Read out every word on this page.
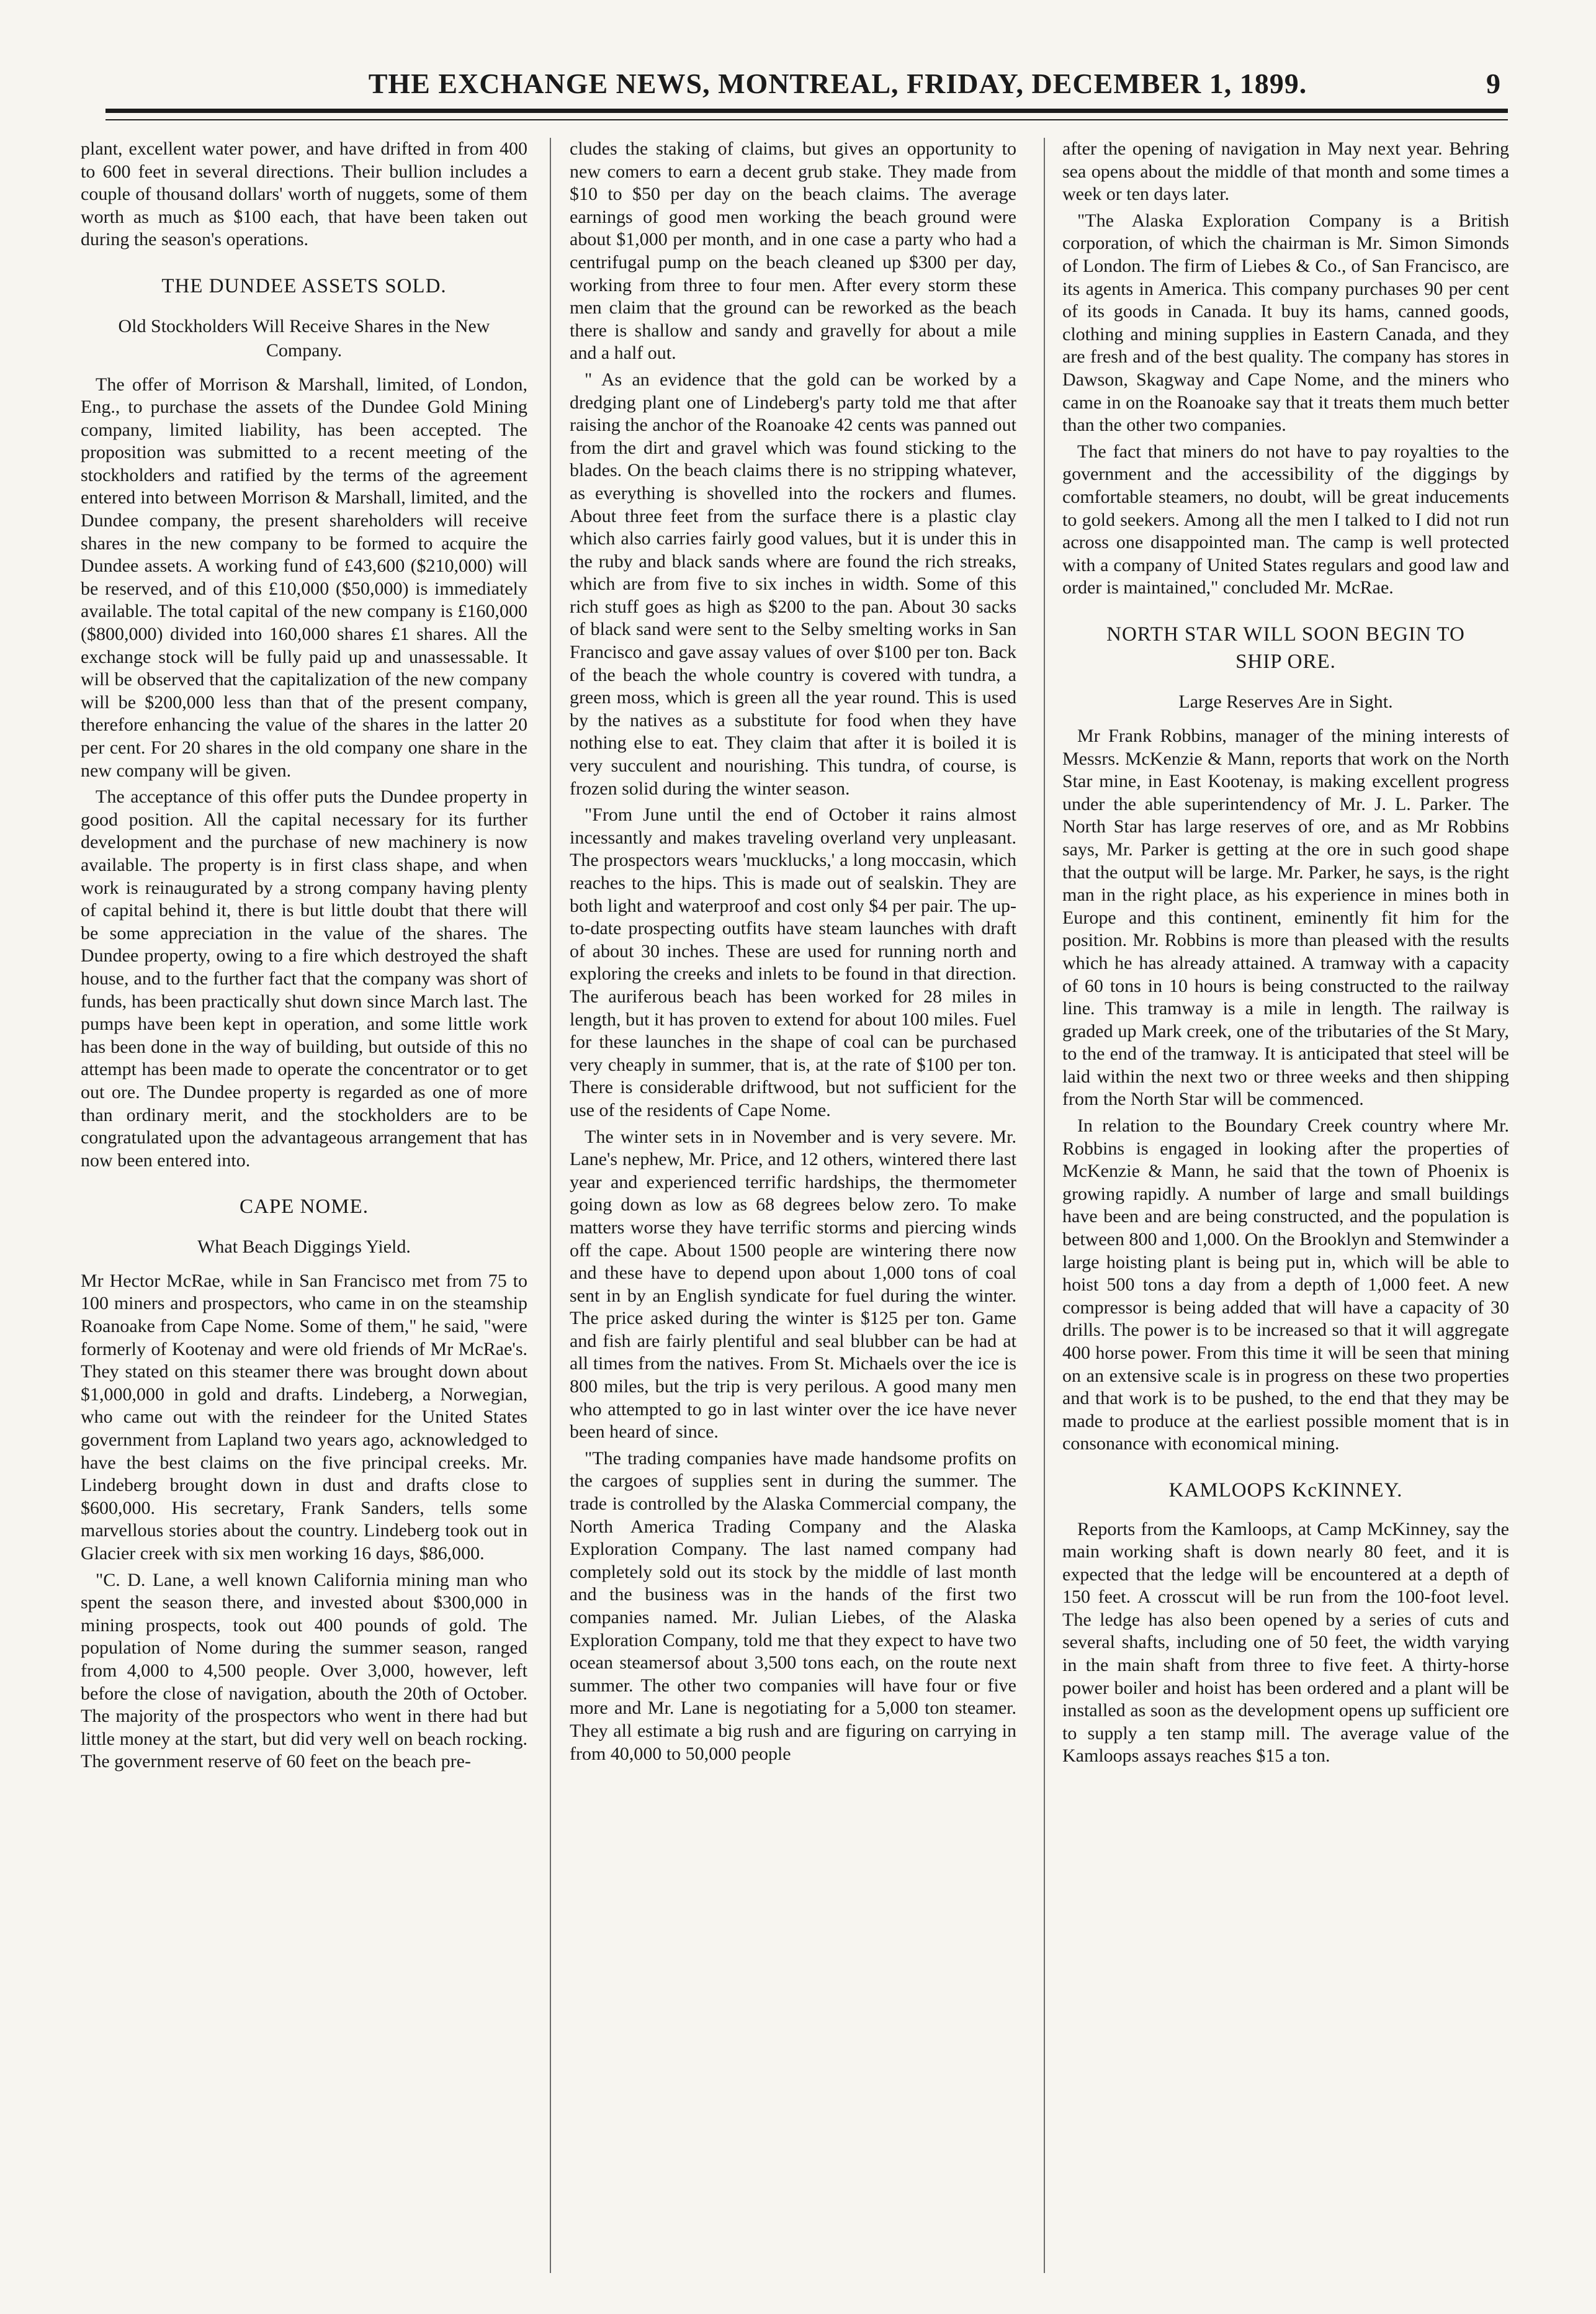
THE EXCHANGE NEWS, MONTREAL, FRIDAY, DECEMBER 1, 1899.	9

plant, excellent water power, and have drifted in from 400 to 600 feet in several directions. Their bullion includes a couple of thousand dollars' worth of nuggets, some of them worth as much as $100 each, that have been taken out during the season's operations.

THE DUNDEE ASSETS SOLD.
Old Stockholders Will Receive Shares in the New Company.

The offer of Morrison & Marshall, limited, of London, Eng., to purchase the assets of the Dundee Gold Mining company, limited liability, has been accepted. The proposition was submitted to a recent meeting of the stockholders and ratified by the terms of the agreement entered into between Morrison & Marshall, limited, and the Dundee company, the present shareholders will receive shares in the new company to be formed to acquire the Dundee assets. A working fund of £43,600 ($210,000) will be reserved, and of this £10,000 ($50,000) is immediately available. The total capital of the new company is £160,000 ($800,000) divided into 160,000 shares £1 shares. All the exchange stock will be fully paid up and unassessable. It will be observed that the capitalization of the new company will be $200,000 less than that of the present company, therefore enhancing the value of the shares in the latter 20 per cent. For 20 shares in the old company one share in the new company will be given.

The acceptance of this offer puts the Dundee property in good position. All the capital necessary for its further development and the purchase of new machinery is now available. The property is in first class shape, and when work is reinaugurated by a strong company having plenty of capital behind it, there is but little doubt that there will be some appreciation in the value of the shares. The Dundee property, owing to a fire which destroyed the shaft house, and to the further fact that the company was short of funds, has been practically shut down since March last. The pumps have been kept in operation, and some little work has been done in the way of building, but outside of this no attempt has been made to operate the concentrator or to get out ore. The Dundee property is regarded as one of more than ordinary merit, and the stockholders are to be congratulated upon the advantageous arrangement that has now been entered into.

CAPE NOME.
What Beach Diggings Yield.

Mr Hector McRae, while in San Francisco met from 75 to 100 miners and prospectors, who came in on the steamship Roanoake from Cape Nome. Some of them," he said, "were formerly of Kootenay and were old friends of Mr McRae's. They stated on this steamer there was brought down about $1,000,000 in gold and drafts. Lindeberg, a Norwegian, who came out with the reindeer for the United States government from Lapland two years ago, acknowledged to have the best claims on the five principal creeks. Mr. Lindeberg brought down in dust and drafts close to $600,000. His secretary, Frank Sanders, tells some marvellous stories about the country. Lindeberg took out in Glacier creek with six men working 16 days, $86,000.

"C. D. Lane, a well known California mining man who spent the season there, and invested about $300,000 in mining prospects, took out 400 pounds of gold. The population of Nome during the summer season, ranged from 4,000 to 4,500 people. Over 3,000, however, left before the close of navigation, abouth the 20th of October. The majority of the prospectors who went in there had but little money at the start, but did very well on beach rocking. The government reserve of 60 feet on the beach pre-

cludes the staking of claims, but gives an opportunity to new comers to earn a decent grub stake. They made from $10 to $50 per day on the beach claims. The average earnings of good men working the beach ground were about $1,000 per month, and in one case a party who had a centrifugal pump on the beach cleaned up $300 per day, working from three to four men. After every storm these men claim that the ground can be reworked as the beach there is shallow and sandy and gravelly for about a mile and a half out.

" As an evidence that the gold can be worked by a dredging plant one of Lindeberg's party told me that after raising the anchor of the Roanoake 42 cents was panned out from the dirt and gravel which was found sticking to the blades. On the beach claims there is no stripping whatever, as everything is shovelled into the rockers and flumes. About three feet from the surface there is a plastic clay which also carries fairly good values, but it is under this in the ruby and black sands where are found the rich streaks, which are from five to six inches in width. Some of this rich stuff goes as high as $200 to the pan. About 30 sacks of black sand were sent to the Selby smelting works in San Francisco and gave assay values of over $100 per ton. Back of the beach the whole country is covered with tundra, a green moss, which is green all the year round. This is used by the natives as a substitute for food when they have nothing else to eat. They claim that after it is boiled it is very succulent and nourishing. This tundra, of course, is frozen solid during the winter season.

"From June until the end of October it rains almost incessantly and makes traveling overland very unpleasant. The prospectors wears 'mucklucks,' a long moccasin, which reaches to the hips. This is made out of sealskin. They are both light and waterproof and cost only $4 per pair. The up-to-date prospecting outfits have steam launches with draft of about 30 inches. These are used for running north and exploring the creeks and inlets to be found in that direction. The auriferous beach has been worked for 28 miles in length, but it has proven to extend for about 100 miles. Fuel for these launches in the shape of coal can be purchased very cheaply in summer, that is, at the rate of $100 per ton. There is considerable driftwood, but not sufficient for the use of the residents of Cape Nome.

The winter sets in in November and is very severe. Mr. Lane's nephew, Mr. Price, and 12 others, wintered there last year and experienced terrific hardships, the thermometer going down as low as 68 degrees below zero. To make matters worse they have terrific storms and piercing winds off the cape. About 1500 people are wintering there now and these have to depend upon about 1,000 tons of coal sent in by an English syndicate for fuel during the winter. The price asked during the winter is $125 per ton. Game and fish are fairly plentiful and seal blubber can be had at all times from the natives. From St. Michaels over the ice is 800 miles, but the trip is very perilous. A good many men who attempted to go in last winter over the ice have never been heard of since.

"The trading companies have made handsome profits on the cargoes of supplies sent in during the summer. The trade is controlled by the Alaska Commercial company, the North America Trading Company and the Alaska Exploration Company. The last named company had completely sold out its stock by the middle of last month and the business was in the hands of the first two companies named. Mr. Julian Liebes, of the Alaska Exploration Company, told me that they expect to have two ocean steamersof about 3,500 tons each, on the route next summer. The other two companies will have four or five more and Mr. Lane is negotiating for a 5,000 ton steamer. They all estimate a big rush and are figuring on carrying in from 40,000 to 50,000 people

after the opening of navigation in May next year. Behring sea opens about the middle of that month and some times a week or ten days later.

"The Alaska Exploration Company is a British corporation, of which the chairman is Mr. Simon Simonds of London. The firm of Liebes & Co., of San Francisco, are its agents in America. This company purchases 90 per cent of its goods in Canada. It buy its hams, canned goods, clothing and mining supplies in Eastern Canada, and they are fresh and of the best quality. The company has stores in Dawson, Skagway and Cape Nome, and the miners who came in on the Roanoake say that it treats them much better than the other two companies.

The fact that miners do not have to pay royalties to the government and the accessibility of the diggings by comfortable steamers, no doubt, will be great inducements to gold seekers. Among all the men I talked to I did not run across one disappointed man. The camp is well protected with a company of United States regulars and good law and order is maintained," concluded Mr. McRae.

NORTH STAR WILL SOON BEGIN TO SHIP ORE.
Large Reserves Are in Sight.

Mr Frank Robbins, manager of the mining interests of Messrs. McKenzie & Mann, reports that work on the North Star mine, in East Kootenay, is making excellent progress under the able superintendency of Mr. J. L. Parker. The North Star has large reserves of ore, and as Mr Robbins says, Mr. Parker is getting at the ore in such good shape that the output will be large. Mr. Parker, he says, is the right man in the right place, as his experience in mines both in Europe and this continent, eminently fit him for the position. Mr. Robbins is more than pleased with the results which he has already attained. A tramway with a capacity of 60 tons in 10 hours is being constructed to the railway line. This tramway is a mile in length. The railway is graded up Mark creek, one of the tributaries of the St Mary, to the end of the tramway. It is anticipated that steel will be laid within the next two or three weeks and then shipping from the North Star will be commenced.

In relation to the Boundary Creek country where Mr. Robbins is engaged in looking after the properties of McKenzie & Mann, he said that the town of Phoenix is growing rapidly. A number of large and small buildings have been and are being constructed, and the population is between 800 and 1,000. On the Brooklyn and Stemwinder a large hoisting plant is being put in, which will be able to hoist 500 tons a day from a depth of 1,000 feet. A new compressor is being added that will have a capacity of 30 drills. The power is to be increased so that it will aggregate 400 horse power. From this time it will be seen that mining on an extensive scale is in progress on these two properties and that work is to be pushed, to the end that they may be made to produce at the earliest possible moment that is in consonance with economical mining.

KAMLOOPS KcKINNEY.

Reports from the Kamloops, at Camp McKinney, say the main working shaft is down nearly 80 feet, and it is expected that the ledge will be encountered at a depth of 150 feet. A crosscut will be run from the 100-foot level. The ledge has also been opened by a series of cuts and several shafts, including one of 50 feet, the width varying in the main shaft from three to five feet. A thirty-horse power boiler and hoist has been ordered and a plant will be installed as soon as the development opens up sufficient ore to supply a ten stamp mill. The average value of the Kamloops assays reaches $15 a ton.
